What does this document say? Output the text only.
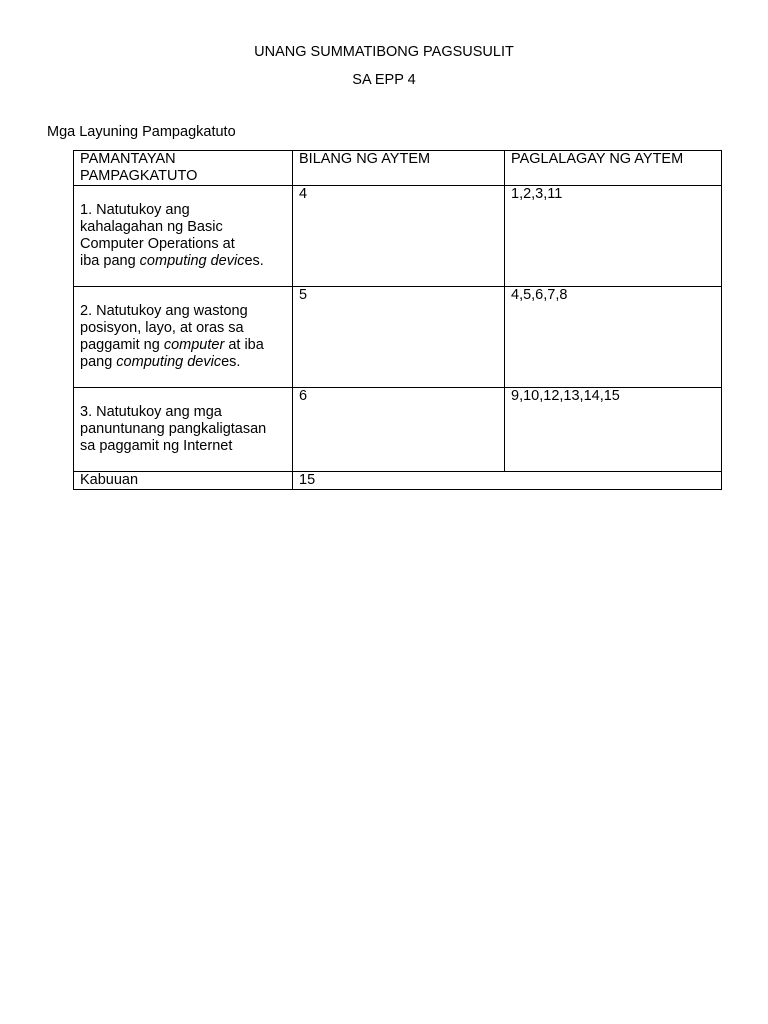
UNANG SUMMATIBONG PAGSUSULIT
SA EPP 4
Mga Layuning Pampagkatuto
PAMANTAYAN
PAMPAGKATUTO	BILANG NG AYTEM	PAGLALAGAY NG AYTEM

1. Natutukoy ang
kahalagahan ng Basic
Computer Operations at
iba pang computing devices.	4	1,2,3,11

2. Natutukoy ang wastong
posisyon, layo, at oras sa
paggamit ng computer at iba
pang computing devices.	5	4,5,6,7,8

3. Natutukoy ang mga
panuntunang pangkaligtasan
sa paggamit ng Internet	6	9,10,12,13,14,15
Kabuuan	15	
